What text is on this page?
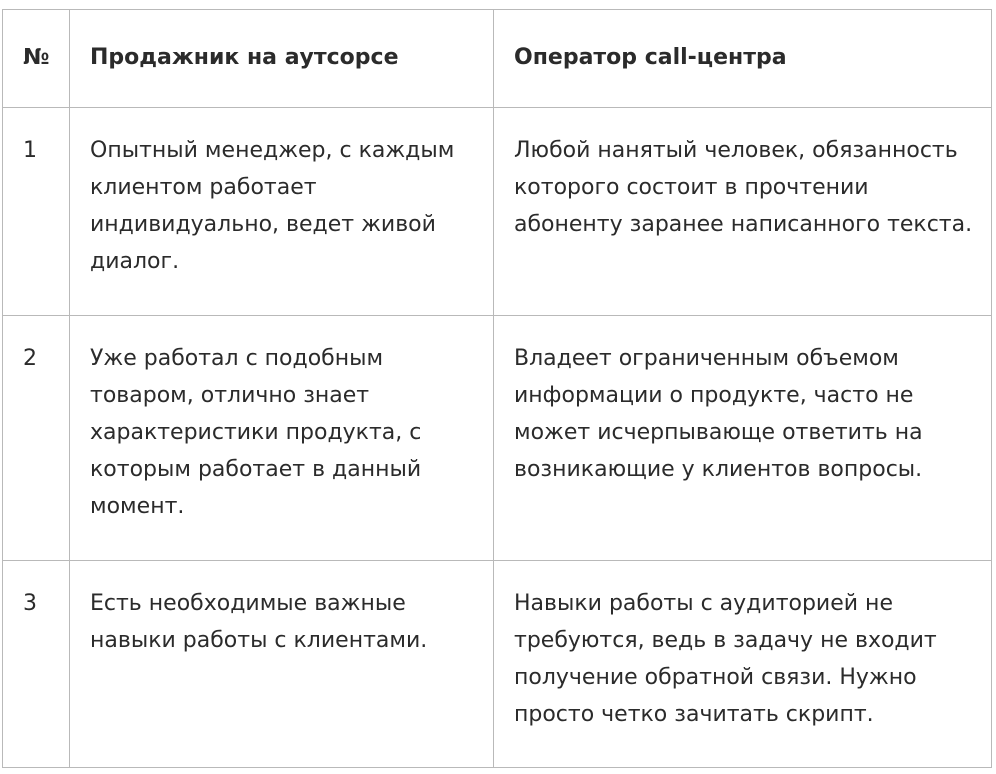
№	Продажник на аутсорсе	Оператор call-центра
1	Опытный менеджер, с каждым клиентом работает индивидуально, ведет живой диалог.	Любой нанятый человек, обязанность которого состоит в прочтении абоненту заранее написанного текста.
2	Уже работал с подобным товаром, отлично знает характеристики продукта, с которым работает в данный момент.	Владеет ограниченным объемом информации о продукте, часто не может исчерпывающе ответить на возникающие у клиентов вопросы.
3	Есть необходимые важные навыки работы с клиентами.	Навыки работы с аудиторией не требуются, ведь в задачу не входит получение обратной связи. Нужно просто четко зачитать скрипт.
